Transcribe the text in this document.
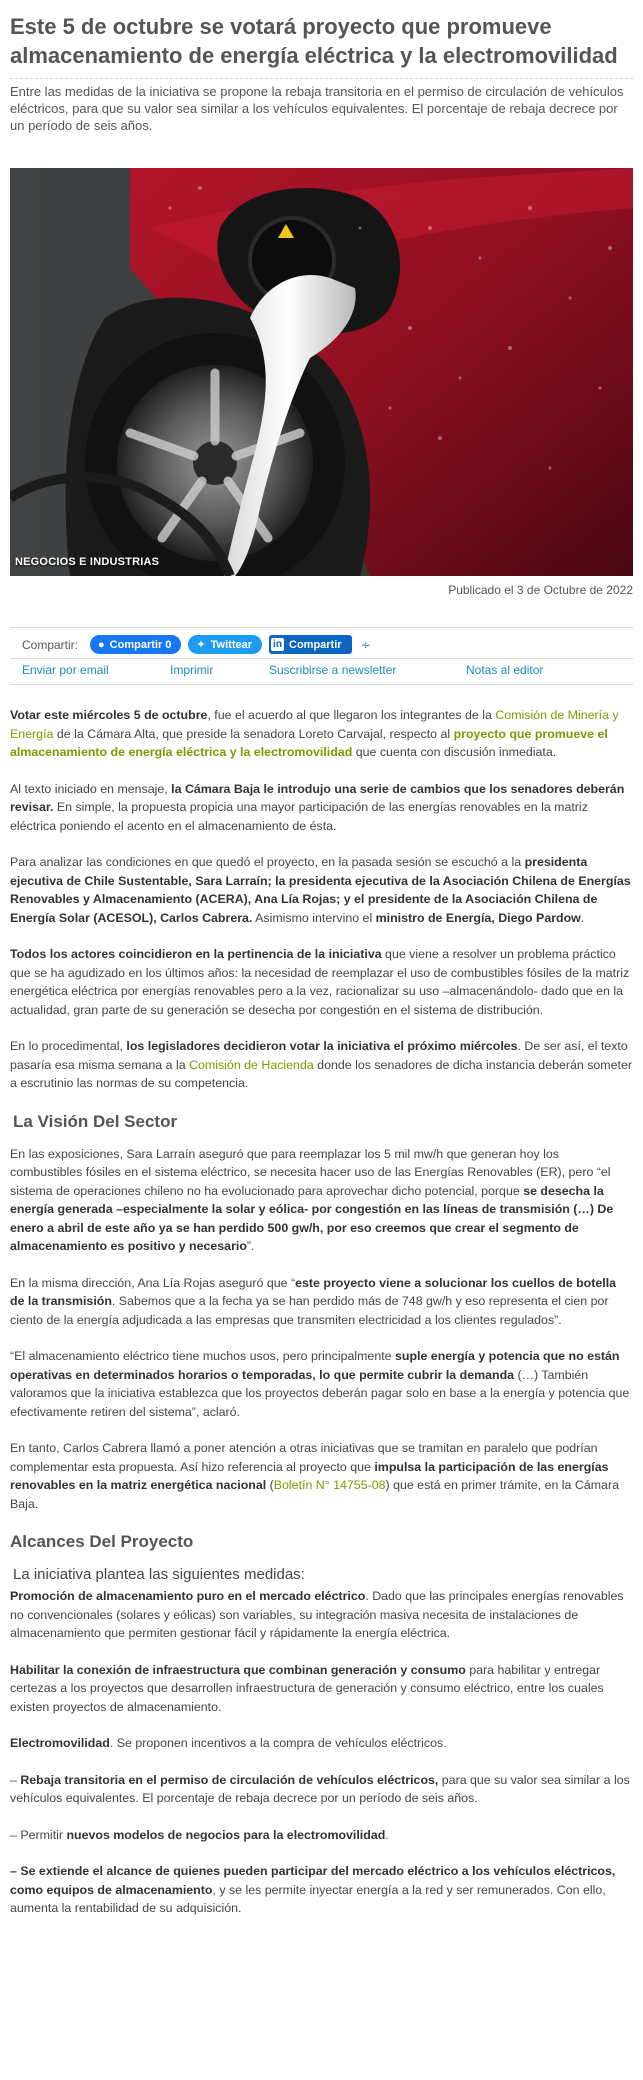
Este 5 de octubre se votará proyecto que promueve almacenamiento de energía eléctrica y la electromovilidad

Entre las medidas de la iniciativa se propone la rebaja transitoria en el permiso de circulación de vehículos eléctricos, para que su valor sea similar a los vehículos equivalentes. El porcentaje de rebaja decrece por un período de seis años.

NEGOCIOS E INDUSTRIAS
Publicado el 3 de Octubre de 2022
Compartir: ● Compartir
0 ✦ Twittear in Compartir ∻
Enviar por email	Imprimir	Suscribirse a newsletter	Notas al editor

Votar este miércoles 5 de octubre, fue el acuerdo al que llegaron los integrantes de la Comisión de Minería y Energía de la Cámara Alta, que preside la senadora Loreto Carvajal, respecto al proyecto que promueve el almacenamiento de energía eléctrica y la electromovilidad que cuenta con discusión inmediata.

Al texto iniciado en mensaje, la Cámara Baja le introdujo una serie de cambios que los senadores deberán revisar. En simple, la propuesta propicia una mayor participación de las energías renovables en la matriz eléctrica poniendo el acento en el almacenamiento de ésta.

Para analizar las condiciones en que quedó el proyecto, en la pasada sesión se escuchó a la presidenta ejecutiva de Chile Sustentable, Sara Larraín; la presidenta ejecutiva de la Asociación Chilena de Energías Renovables y Almacenamiento (ACERA), Ana Lía Rojas; y el presidente de la Asociación Chilena de Energía Solar (ACESOL), Carlos Cabrera. Asimismo intervino el ministro de Energía, Diego Pardow.

Todos los actores coincidieron en la pertinencia de la iniciativa que viene a resolver un problema práctico que se ha agudizado en los últimos años: la necesidad de reemplazar el uso de combustibles fósiles de la matriz energética eléctrica por energías renovables pero a la vez, racionalizar su uso –almacenándolo- dado que en la actualidad, gran parte de su generación se desecha por congestión en el sistema de distribución.

En lo procedimental, los legisladores decidieron votar la iniciativa el próximo miércoles. De ser así, el texto pasaría esa misma semana a la Comisión de Hacienda donde los senadores de dicha instancia deberán someter a escrutinio las normas de su competencia.

La Visión Del Sector

En las exposiciones, Sara Larraín aseguró que para reemplazar los 5 mil mw/h que generan hoy los combustibles fósiles en el sistema eléctrico, se necesita hacer uso de las Energías Renovables (ER), pero “el sistema de operaciones chileno no ha evolucionado para aprovechar dicho potencial, porque se desecha la energía generada –especialmente la solar y eólica- por congestión en las líneas de transmisión (…) De enero a abril de este año ya se han perdido 500 gw/h, por eso creemos que crear el segmento de almacenamiento es positivo y necesario”.

En la misma dirección, Ana Lía Rojas aseguró que “este proyecto viene a solucionar los cuellos de botella de la transmisión. Sabemos que a la fecha ya se han perdido más de 748 gw/h y eso representa el cien por ciento de la energía adjudicada a las empresas que transmiten electricidad a los clientes regulados”.

“El almacenamiento eléctrico tiene muchos usos, pero principalmente suple energía y potencia que no están operativas en determinados horarios o temporadas, lo que permite cubrir la demanda (…) También valoramos que la iniciativa establezca que los proyectos deberán pagar solo en base a la energía y potencia que efectivamente retiren del sistema”, aclaró.

En tanto, Carlos Cabrera llamó a poner atención a otras iniciativas que se tramitan en paralelo que podrían complementar esta propuesta. Así hizo referencia al proyecto que impulsa la participación de las energías renovables en la matriz energética nacional (Boletín N° 14755-08) que está en primer trámite, en la Cámara Baja.

Alcances Del Proyecto
La iniciativa plantea las siguientes medidas:

Promoción de almacenamiento puro en el mercado eléctrico. Dado que las principales energías renovables no convencionales (solares y eólicas) son variables, su integración masiva necesita de instalaciones de almacenamiento que permiten gestionar fácil y rápidamente la energía eléctrica.

Habilitar la conexión de infraestructura que combinan generación y consumo para habilitar y entregar certezas a los proyectos que desarrollen infraestructura de generación y consumo eléctrico, entre los cuales existen proyectos de almacenamiento.

Electromovilidad. Se proponen incentivos a la compra de vehículos eléctricos.

– Rebaja transitoria en el permiso de circulación de vehículos eléctricos, para que su valor sea similar a los vehículos equivalentes. El porcentaje de rebaja decrece por un período de seis años.

– Permitir nuevos modelos de negocios para la electromovilidad.

– Se extiende el alcance de quienes pueden participar del mercado eléctrico a los vehículos eléctricos, como equipos de almacenamiento, y se les permite inyectar energía a la red y ser remunerados. Con ello, aumenta la rentabilidad de su adquisición.
